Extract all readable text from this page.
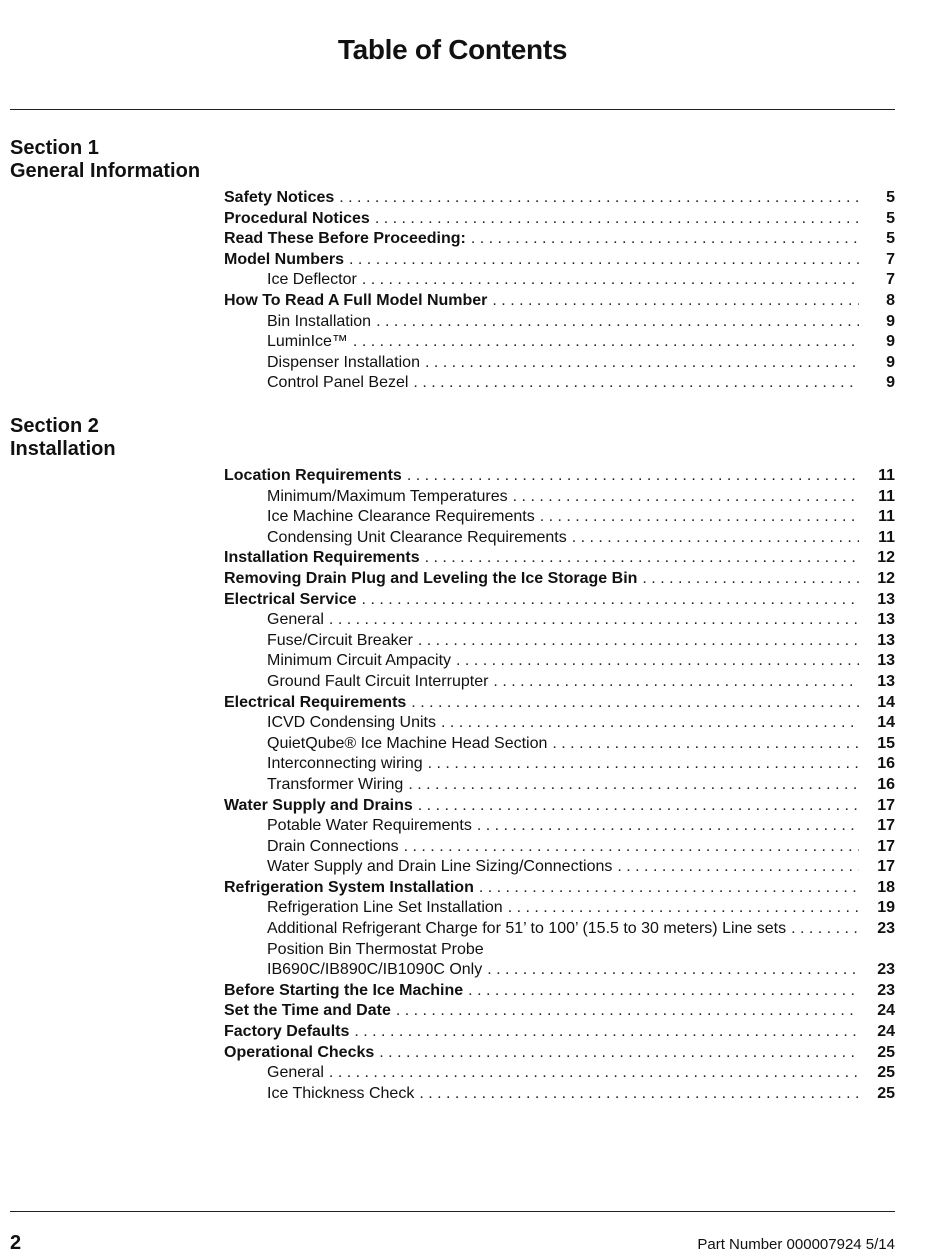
Table of Contents
Section 1
General Information
Safety Notices . . .	5
Procedural Notices . . .	5
Read These Before Proceeding: . . .	5
Model Numbers . . .	7
Ice Deflector . . .	7
How To Read A Full Model Number . . .	8
Bin Installation . . .	9
LuminIce™ . . .	9
Dispenser Installation . . .	9
Control Panel Bezel . . .	9
Section 2
Installation
Location Requirements . . .	11
Minimum/Maximum Temperatures . . .	11
Ice Machine Clearance Requirements . . .	11
Condensing Unit Clearance Requirements . . .	11
Installation Requirements . . .	12
Removing Drain Plug and Leveling the Ice Storage Bin . . .	12
Electrical Service . . .	13
General . . .	13
Fuse/Circuit Breaker . . .	13
Minimum Circuit Ampacity . . .	13
Ground Fault Circuit Interrupter . . .	13
Electrical Requirements . . .	14
ICVD Condensing Units . . .	14
QuietQube® Ice Machine Head Section . . .	15
Interconnecting wiring . . .	16
Transformer Wiring . . .	16
Water Supply and Drains . . .	17
Potable Water Requirements . . .	17
Drain Connections . . .	17
Water Supply and Drain Line Sizing/Connections . . .	17
Refrigeration System Installation . . .	18
Refrigeration Line Set Installation . . .	19
Additional Refrigerant Charge for 51’ to 100’ (15.5 to 30 meters) Line sets . . .	23
Position Bin Thermostat Probe
IB690C/IB890C/IB1090C Only . . .	23
Before Starting the Ice Machine . . .	23
Set the Time and Date . . .	24
Factory Defaults . . .	24
Operational Checks . . .	25
General . . .	25
Ice Thickness Check . . .	25
2	Part Number 000007924 5/14
